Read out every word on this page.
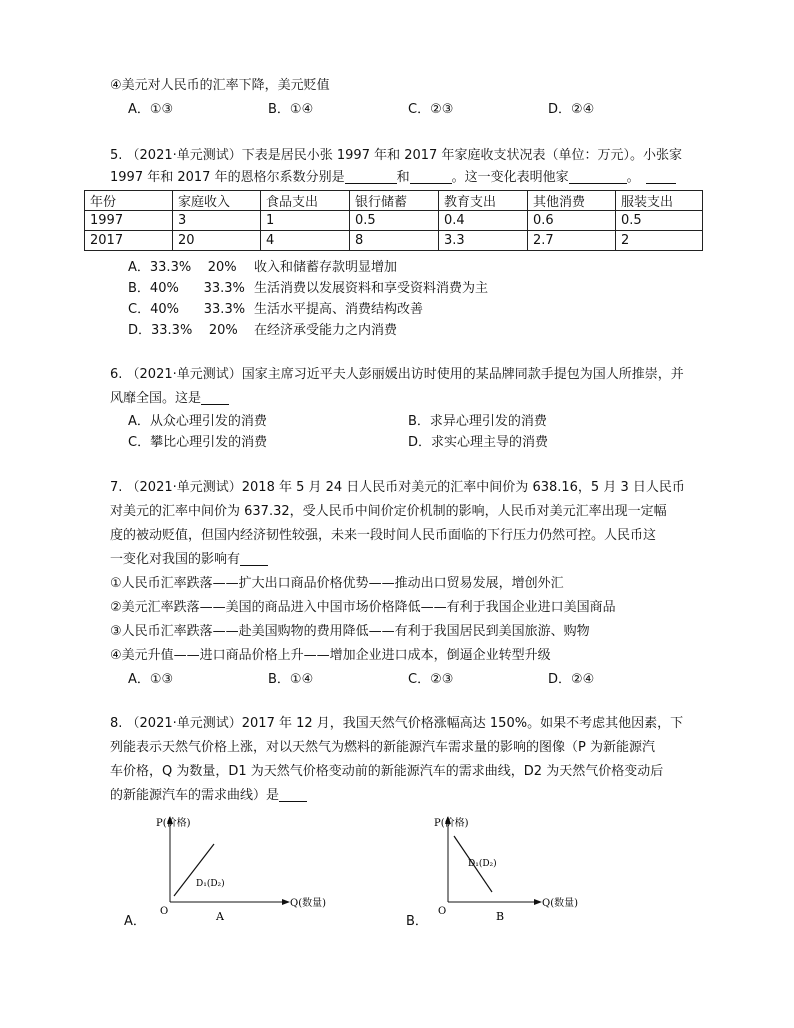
④美元对人民币的汇率下降，美元贬值
A．①③	B．①④	C．②③	D．②④
5. （2021·单元测试）下表是居民小张 1997 年和 2017 年家庭收支状况表（单位：万元）。小张家
1997 年和 2017 年的恩格尔系数分别是	和	。这一变化表明他家	。
年份	家庭收入	食品支出	银行储蓄	教育支出	其他消费	服装支出
1997	3	1	0.5	0.4	0.6	0.5
2017	20	4	8	3.3	2.7	2
A．33.3%    20% 收入和储蓄存款明显增加
B．40%      33.3% 生活消费以发展资料和享受资料消费为主
C．40%      33.3% 生活水平提高、消费结构改善
D．33.3%    20% 在经济承受能力之内消费
6. （2021·单元测试）国家主席习近平夫人彭丽媛出访时使用的某品牌同款手提包为国人所推崇，并
风靡全国。这是
A．从众心理引发的消费	B．求异心理引发的消费
C．攀比心理引发的消费	D．求实心理主导的消费
7. （2021·单元测试）2018 年 5 月 24 日人民币对美元的汇率中间价为 638.16，5 月 3 日人民币
对美元的汇率中间价为 637.32，受人民币中间价定价机制的影响，人民币对美元汇率出现一定幅
度的被动贬值，但国内经济韧性较强，未来一段时间人民币面临的下行压力仍然可控。人民币这
一变化对我国的影响有
①人民币汇率跌落——扩大出口商品价格优势——推动出口贸易发展，增创外汇
②美元汇率跌落——美国的商品进入中国市场价格降低——有利于我国企业进口美国商品
③人民币汇率跌落——赴美国购物的费用降低——有利于我国居民到美国旅游、购物
④美元升值——进口商品价格上升——增加企业进口成本，倒逼企业转型升级
A．①③	B．①④	C．②③	D．②④
8. （2021·单元测试）2017 年 12 月，我国天然气价格涨幅高达 150%。如果不考虑其他因素，下
列能表示天然气价格上涨，对以天然气为燃料的新能源汽车需求量的影响的图像（P 为新能源汽
车价格，Q 为数量，D1 为天然气价格变动前的新能源汽车的需求曲线，D2 为天然气价格变动后
的新能源汽车的需求曲线）是
A．
P(价格)
Q(数量)
O
D₁(D₂)
A	B．
P(价格)
Q(数量)
O
D₁(D₂)
B
